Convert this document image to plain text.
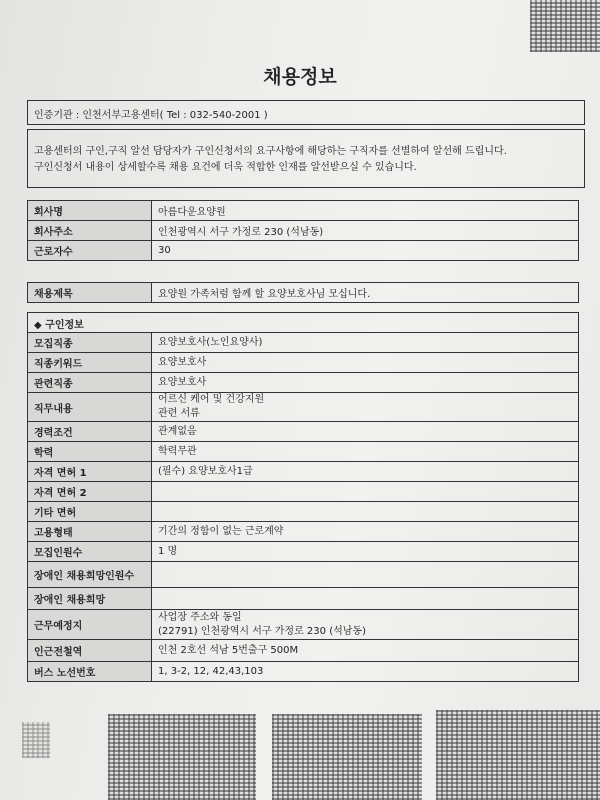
채용정보
인증기관 : 인천서부고용센터( Tel : 032-540-2001 )
고용센터의 구인,구직 알선 담당자가 구인신청서의 요구사항에 해당하는 구직자를 선별하여 알선해 드립니다.
구인신청서 내용이 상세할수록 채용 요건에 더욱 적합한 인재를 알선받으실 수 있습니다.
회사명	아름다운요양원
회사주소	인천광역시 서구 가정로 230 (석남동)
근로자수	30
채용제목	요양원 가족처럼 함께 할 요양보호사님 모십니다.
◆ 구인정보
모집직종	요양보호사(노인요양사)

직종키워드	요양보호사

관련직종	요양보호사

직무내용	어르신 케어 및 건강지원
관련 서류

경력조건	관계없음

학력	학력무관

자격 면허 1	(필수) 요양보호사1급

자격 면허 2	

기타 면허	

고용형태	기간의 정함이 없는 근로계약

모집인원수	1 명

장애인 채용희망인원수	

장애인 채용희망	

근무예정지	사업장 주소와 동일
(22791) 인천광역시 서구 가정로 230 (석남동)

인근전철역	인천 2호선 석남 5번출구 500M

버스 노선번호	1, 3-2, 12, 42,43,103
